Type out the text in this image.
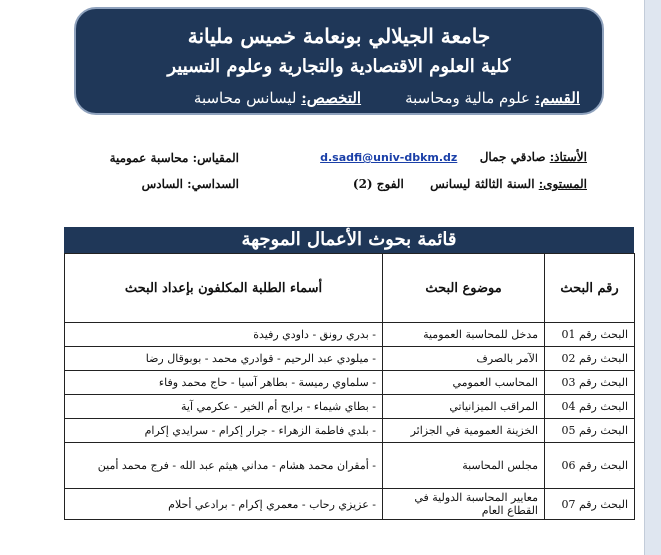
جامعة الجيلالي بونعامة خميس مليانة
كلية العلوم الاقتصادية والتجارية وعلوم التسيير
القسم: علوم مالية ومحاسبةالتخصص: ليسانس محاسبة
الأستاذ: صادقي جمال  d.sadfi@univ-dbkm.dz
المقياس: محاسبة عمومية
المستوى: السنة الثالثة ليسانس  الفوج (2)
السداسي: السادس
قائمة بحوث الأعمال الموجهة
رقم البحث	موضوع البحث	أسماء الطلبة المكلفون بإعداد البحث
البحث رقم 01	مدخل للمحاسبة العمومية	- بدري رونق - داودي رفيدة
البحث رقم 02	الآمر بالصرف	- ميلودي عبد الرحيم - قوادري محمد - بوبوقال رضا
البحث رقم 03	المحاسب العمومي	- سلماوي رميسة - بطاهر آسيا - حاج محمد وفاء
البحث رقم 04	المراقب الميزانياتي	- بطاي شيماء - برابح أم الخير - عكرمي آية
البحث رقم 05	الخزينة العمومية في الجزائر	- بلدي فاطمة الزهراء - جرار إكرام - سرايدي إكرام
البحث رقم 06	مجلس المحاسبة	- أمقران محمد هشام - مداني هيثم عبد الله - فرج محمد أمين
البحث رقم 07	معايير المحاسبة الدولية في القطاع العام	- عزيزي رحاب - معمري إكرام - برادعي أحلام
